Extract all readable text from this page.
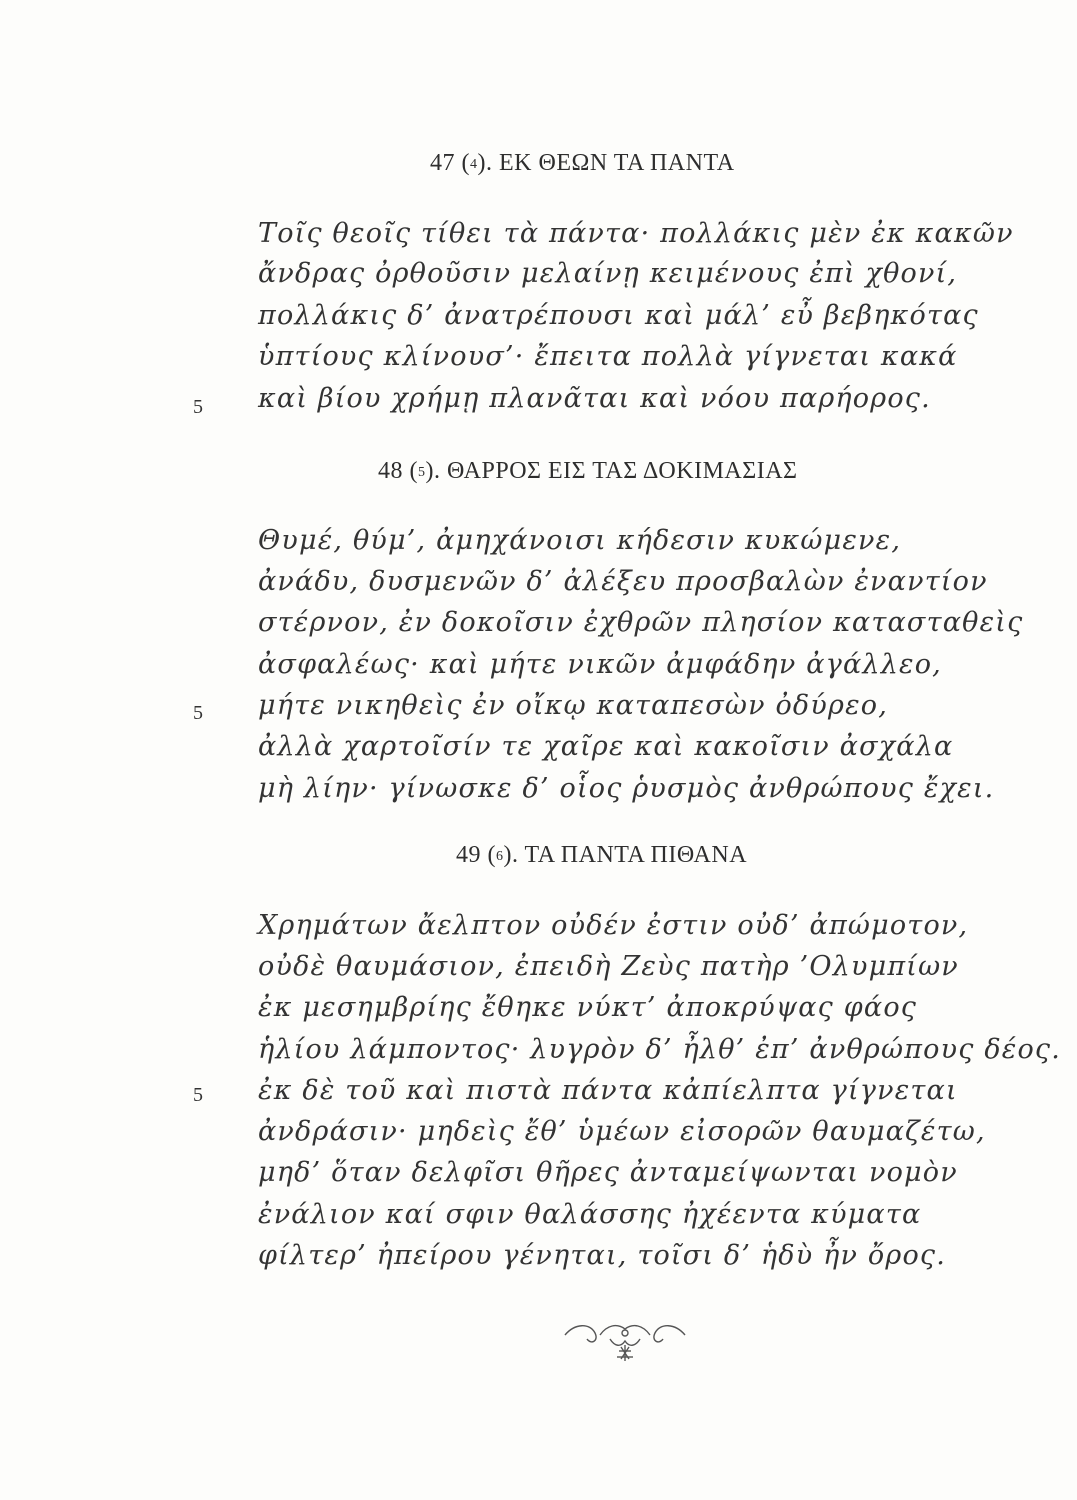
47 (4). ΕΚ ΘΕΩΝ ΤΑ ΠΑΝΤΑ
Τοῖς θεοῖς τίθει τὰ πάντα· πολλάκις μὲν ἐκ κακῶν
ἄνδρας ὀρθοῦσιν μελαίνῃ κειμένους ἐπὶ χθονί,
πολλάκις δ’ ἀνατρέπουσι καὶ μάλ’ εὖ βεβηκότας
ὑπτίους κλίνουσ’· ἔπειτα πολλὰ γίγνεται κακά
5 καὶ βίου χρήμῃ πλανᾶται καὶ νόου παρήορος.
48 (5). ΘΑΡΡΟΣ ΕΙΣ ΤΑΣ ΔΟΚΙΜΑΣΙΑΣ
Θυμέ, θύμ’, ἀμηχάνοισι κήδεσιν κυκώμενε,
ἀνάδυ, δυσμενῶν δ’ ἀλέξευ προσβαλὼν ἐναντίον
στέρνον, ἐν δοκοῖσιν ἐχθρῶν πλησίον κατασταθεὶς
ἀσφαλέως· καὶ μήτε νικῶν ἀμφάδην ἀγάλλεο,
5 μήτε νικηθεὶς ἐν οἴκῳ καταπεσὼν ὀδύρεο,
ἀλλὰ χαρτοῖσίν τε χαῖρε καὶ κακοῖσιν ἀσχάλα
μὴ λίην· γίνωσκε δ’ οἷος ῥυσμὸς ἀνθρώπους ἔχει.
49 (6). ΤΑ ΠΑΝΤΑ ΠΙΘΑΝΑ
Χρημάτων ἄελπτον οὐδέν ἐστιν οὐδ’ ἀπώμοτον,
οὐδὲ θαυμάσιον, ἐπειδὴ Ζεὺς πατὴρ ’Ολυμπίων
ἐκ μεσημβρίης ἔθηκε νύκτ’ ἀποκρύψας φάος
ἡλίου λάμποντος· λυγρὸν δ’ ἦλθ’ ἐπ’ ἀνθρώπους δέος.
5 ἐκ δὲ τοῦ καὶ πιστὰ πάντα κἀπίελπτα γίγνεται
ἀνδράσιν· μηδεὶς ἔθ’ ὑμέων εἰσορῶν θαυμαζέτω,
μηδ’ ὅταν δελφῖσι θῆρες ἀνταμείψωνται νομὸν
ἐνάλιον καί σφιν θαλάσσης ἠχέεντα κύματα
φίλτερ’ ἠπείρου γένηται, τοῖσι δ’ ἡδὺ ἦν ὄρος.
